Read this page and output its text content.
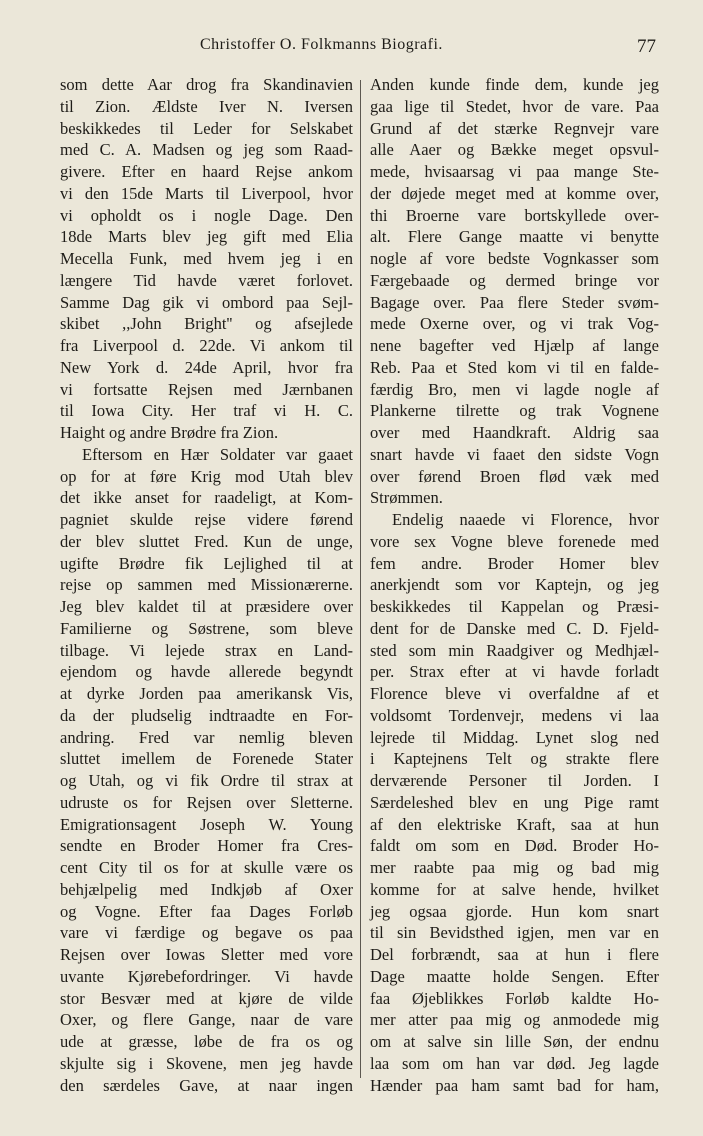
Christoffer O. Folkmanns Biografi.	77
som dette Aar drog fra Skandinavien
til Zion. Ældste Iver N. Iversen
beskikkedes til Leder for Selskabet
med C. A. Madsen og jeg som Raad-
givere. Efter en haard Rejse ankom
vi den 15de Marts til Liverpool, hvor
vi opholdt os i nogle Dage. Den
18de Marts blev jeg gift med Elia
Mecella Funk, med hvem jeg i en
længere Tid havde været forlovet.
Samme Dag gik vi ombord paa Sejl-
skibet ,,John Bright'' og afsejlede
fra Liverpool d. 22de. Vi ankom til
New York d. 24de April, hvor fra
vi fortsatte Rejsen med Jærnbanen
til Iowa City. Her traf vi H. C.
Haight og andre Brødre fra Zion.
Eftersom en Hær Soldater var gaaet
op for at føre Krig mod Utah blev
det ikke anset for raadeligt, at Kom-
pagniet skulde rejse videre førend
der blev sluttet Fred. Kun de unge,
ugifte Brødre fik Lejlighed til at
rejse op sammen med Missionærerne.
Jeg blev kaldet til at præsidere over
Familierne og Søstrene, som bleve
tilbage. Vi lejede strax en Land-
ejendom og havde allerede begyndt
at dyrke Jorden paa amerikansk Vis,
da der pludselig indtraadte en For-
andring. Fred var nemlig bleven
sluttet imellem de Forenede Stater
og Utah, og vi fik Ordre til strax at
udruste os for Rejsen over Sletterne.
Emigrationsagent Joseph W. Young
sendte en Broder Homer fra Cres-
cent City til os for at skulle være os
behjælpelig med Indkjøb af Oxer
og Vogne. Efter faa Dages Forløb
vare vi færdige og begave os paa
Rejsen over Iowas Sletter med vore
uvante Kjørebefordringer. Vi havde
stor Besvær med at kjøre de vilde
Oxer, og flere Gange, naar de vare
ude at græsse, løbe de fra os og
skjulte sig i Skovene, men jeg havde
den særdeles Gave, at naar ingen
Anden kunde finde dem, kunde jeg
gaa lige til Stedet, hvor de vare. Paa
Grund af det stærke Regnvejr vare
alle Aaer og Bække meget opsvul-
mede, hvisaarsag vi paa mange Ste-
der døjede meget med at komme over,
thi Broerne vare bortskyllede over-
alt. Flere Gange maatte vi benytte
nogle af vore bedste Vognkasser som
Færgebaade og dermed bringe vor
Bagage over. Paa flere Steder svøm-
mede Oxerne over, og vi trak Vog-
nene bagefter ved Hjælp af lange
Reb. Paa et Sted kom vi til en falde-
færdig Bro, men vi lagde nogle af
Plankerne tilrette og trak Vognene
over med Haandkraft. Aldrig saa
snart havde vi faaet den sidste Vogn
over førend Broen flød væk med
Strømmen.
Endelig naaede vi Florence, hvor
vore sex Vogne bleve forenede med
fem andre. Broder Homer blev
anerkjendt som vor Kaptejn, og jeg
beskikkedes til Kappelan og Præsi-
dent for de Danske med C. D. Fjeld-
sted som min Raadgiver og Medhjæl-
per. Strax efter at vi havde forladt
Florence bleve vi overfaldne af et
voldsomt Tordenvejr, medens vi laa
lejrede til Middag. Lynet slog ned
i Kaptejnens Telt og strakte flere
derværende Personer til Jorden. I
Særdeleshed blev en ung Pige ramt
af den elektriske Kraft, saa at hun
faldt om som en Død. Broder Ho-
mer raabte paa mig og bad mig
komme for at salve hende, hvilket
jeg ogsaa gjorde. Hun kom snart
til sin Bevidsthed igjen, men var en
Del forbrændt, saa at hun i flere
Dage maatte holde Sengen. Efter
faa Øjeblikkes Forløb kaldte Ho-
mer atter paa mig og anmodede mig
om at salve sin lille Søn, der endnu
laa som om han var død. Jeg lagde
Hænder paa ham samt bad for ham,
